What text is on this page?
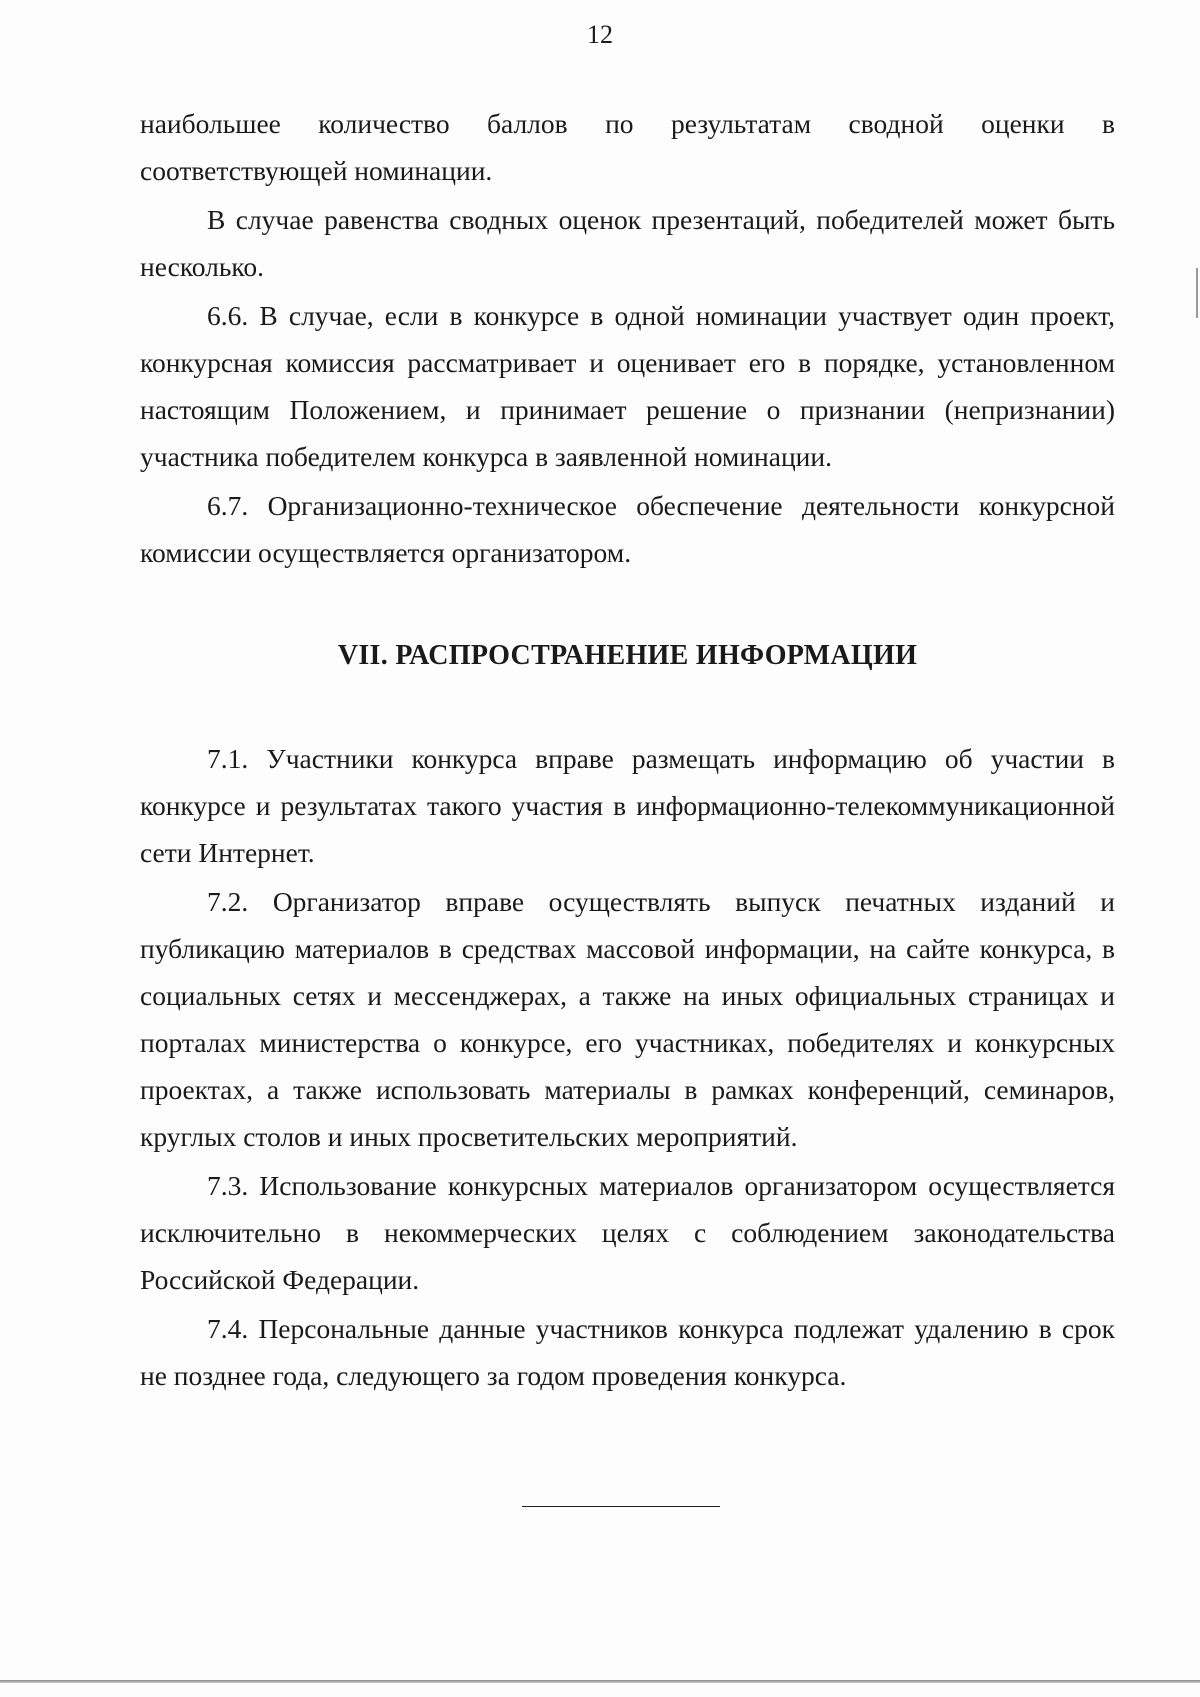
12

наибольшее количество баллов по результатам сводной оценки в соответствующей номинации.

В случае равенства сводных оценок презентаций, победителей может быть несколько.

6.6. В случае, если в конкурсе в одной номинации участвует один проект, конкурсная комиссия рассматривает и оценивает его в порядке, установленном настоящим Положением, и принимает решение о признании (непризнании) участника победителем конкурса в заявленной номинации.

6.7. Организационно-техническое обеспечение деятельности конкурсной комиссии осуществляется организатором.

VII. РАСПРОСТРАНЕНИЕ ИНФОРМАЦИИ

7.1. Участники конкурса вправе размещать информацию об участии в конкурсе и результатах такого участия в информационно-телекоммуникационной сети Интернет.

7.2. Организатор вправе осуществлять выпуск печатных изданий и публикацию материалов в средствах массовой информации, на сайте конкурса, в социальных сетях и мессенджерах, а также на иных официальных страницах и порталах министерства о конкурсе, его участниках, победителях и конкурсных проектах, а также использовать материалы в рамках конференций, семинаров, круглых столов и иных просветительских мероприятий.

7.3. Использование конкурсных материалов организатором осуществляется исключительно в некоммерческих целях с соблюдением законодательства Российской Федерации.

7.4. Персональные данные участников конкурса подлежат удалению в срок не позднее года, следующего за годом проведения конкурса.
